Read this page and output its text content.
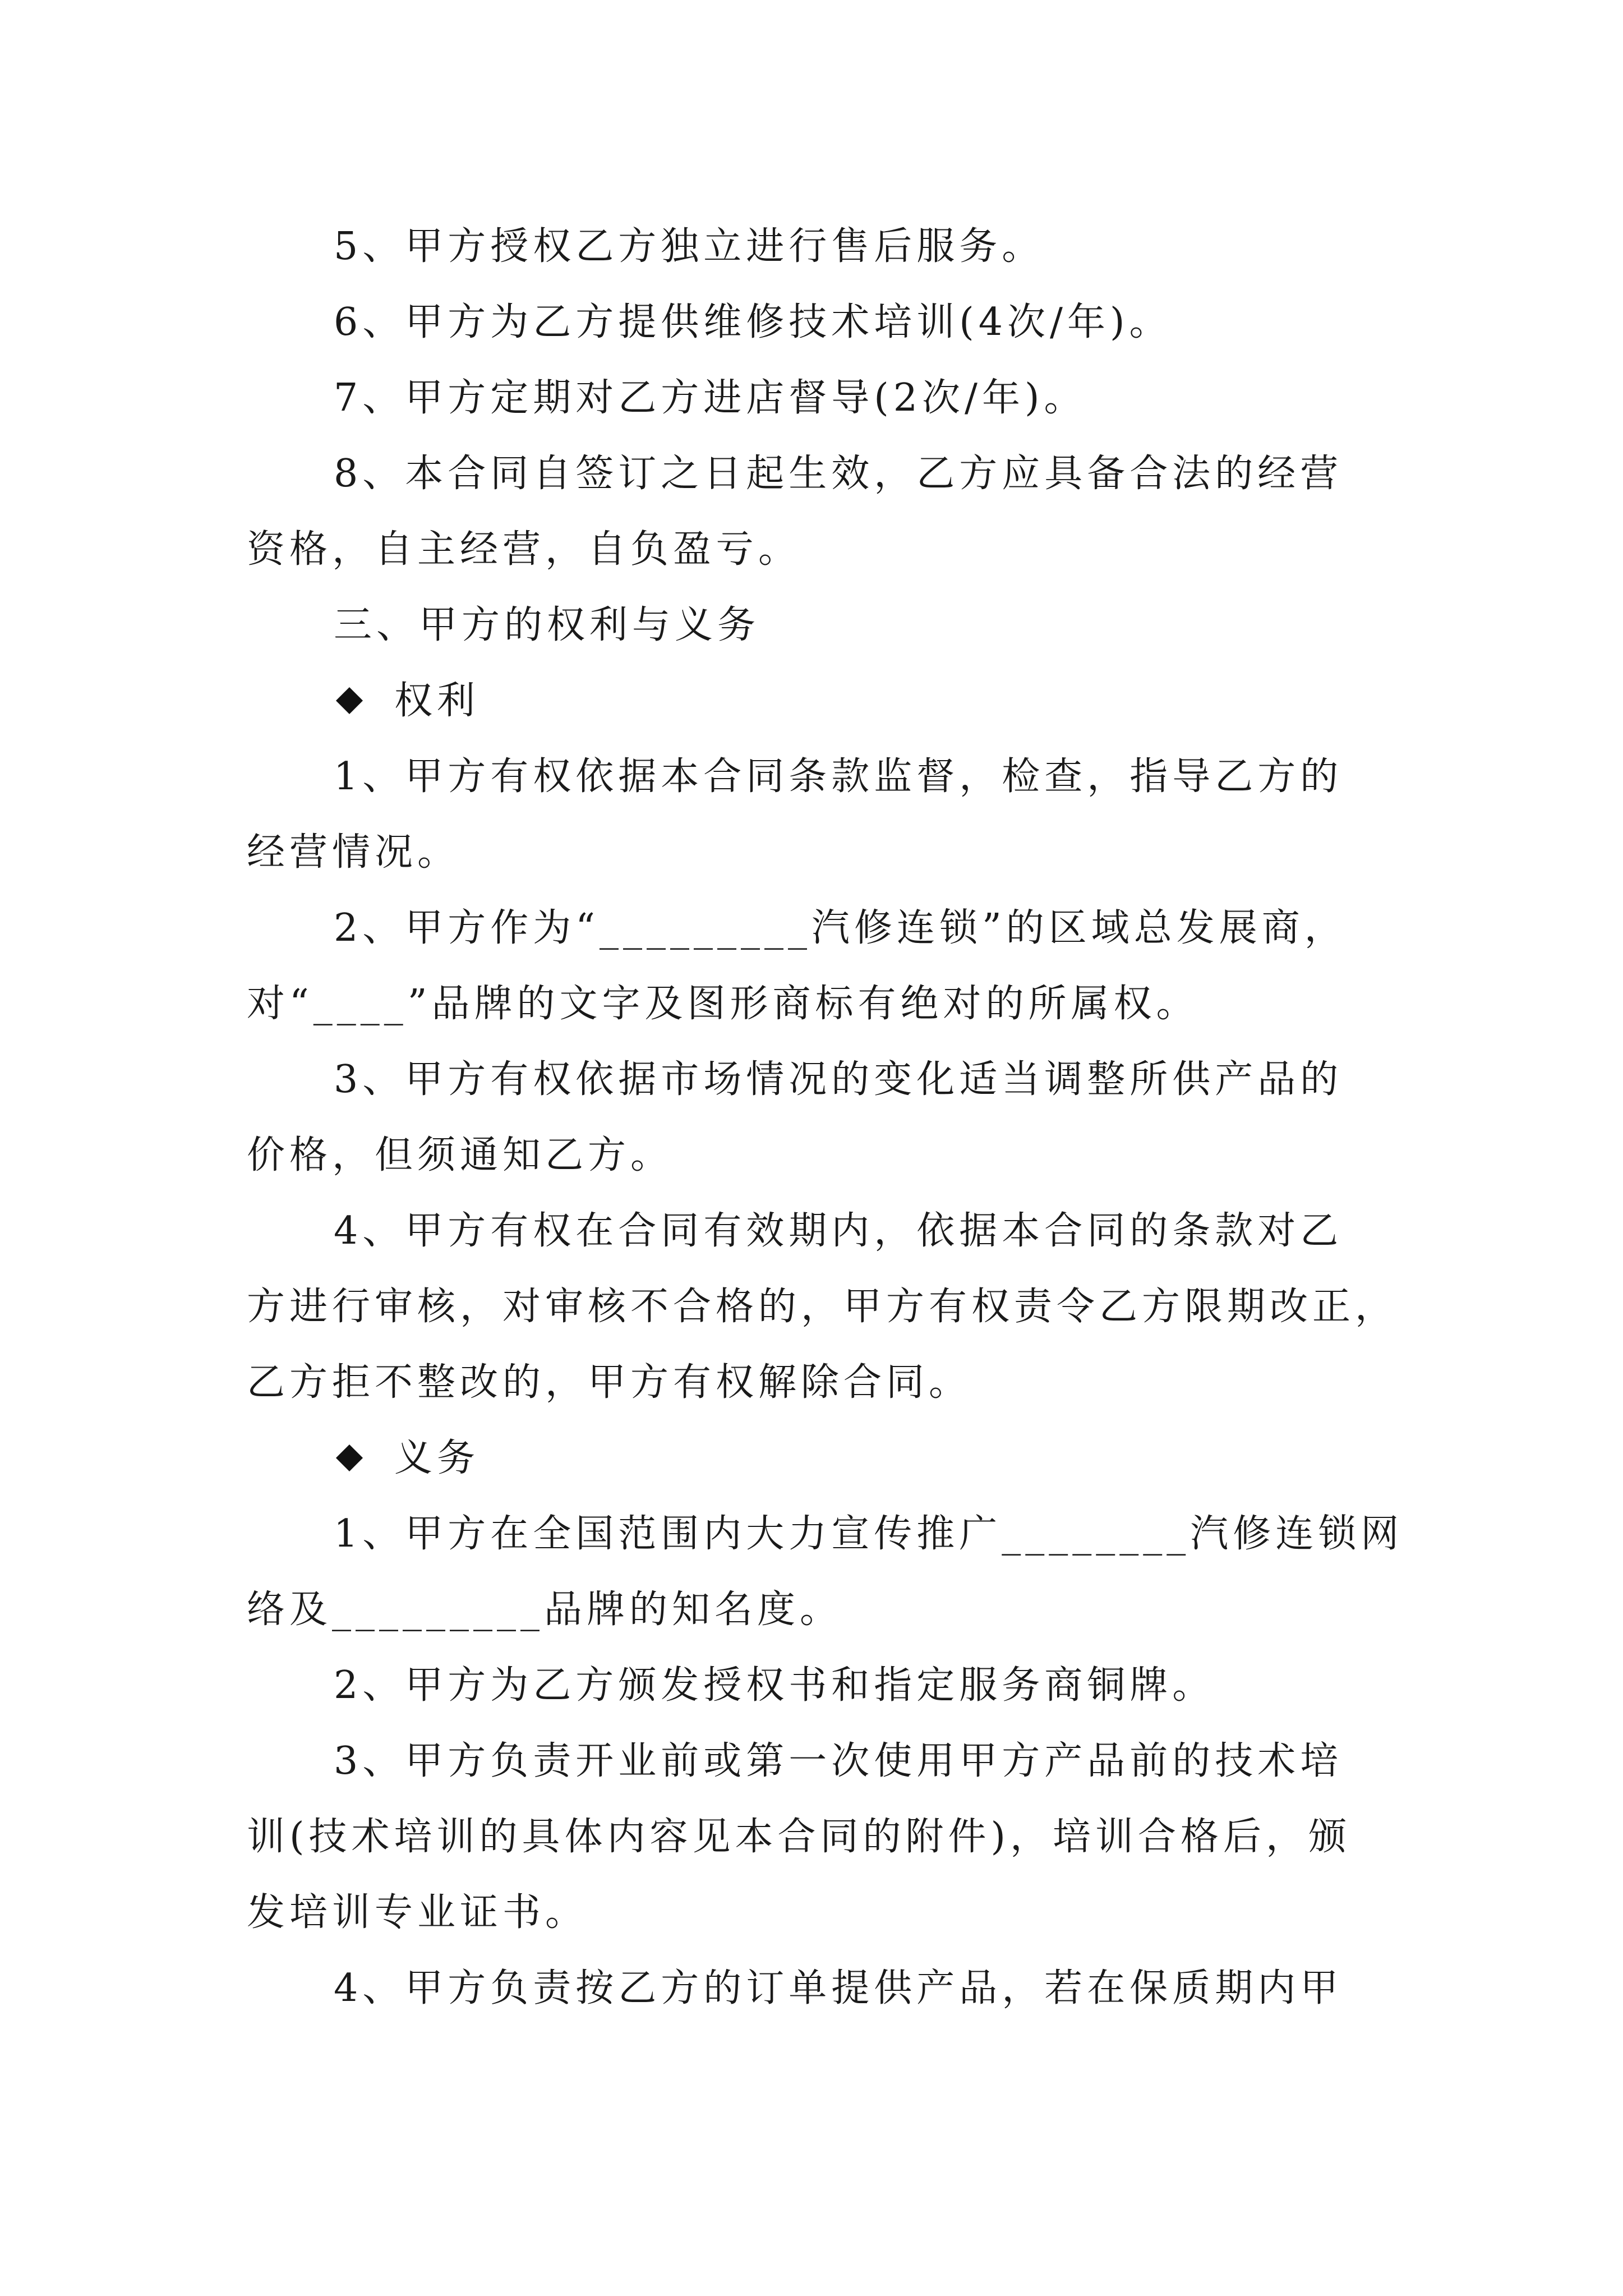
5、甲方授权乙方独立进行售后服务。
6、甲方为乙方提供维修技术培训(4次/年)。
7、甲方定期对乙方进店督导(2次/年)。
8、本合同自签订之日起生效，乙方应具备合法的经营
资格，自主经营，自负盈亏。
三、甲方的权利与义务
权利
1、甲方有权依据本合同条款监督，检查，指导乙方的
经营情况。
2、甲方作为“_________汽修连锁”的区域总发展商，
对“____”品牌的文字及图形商标有绝对的所属权。
3、甲方有权依据市场情况的变化适当调整所供产品的
价格，但须通知乙方。
4、甲方有权在合同有效期内，依据本合同的条款对乙
方进行审核，对审核不合格的，甲方有权责令乙方限期改正，
乙方拒不整改的，甲方有权解除合同。
义务
1、甲方在全国范围内大力宣传推广________汽修连锁网
络及_________品牌的知名度。
2、甲方为乙方颁发授权书和指定服务商铜牌。
3、甲方负责开业前或第一次使用甲方产品前的技术培
训(技术培训的具体内容见本合同的附件)，培训合格后，颁
发培训专业证书。
4、甲方负责按乙方的订单提供产品，若在保质期内甲
